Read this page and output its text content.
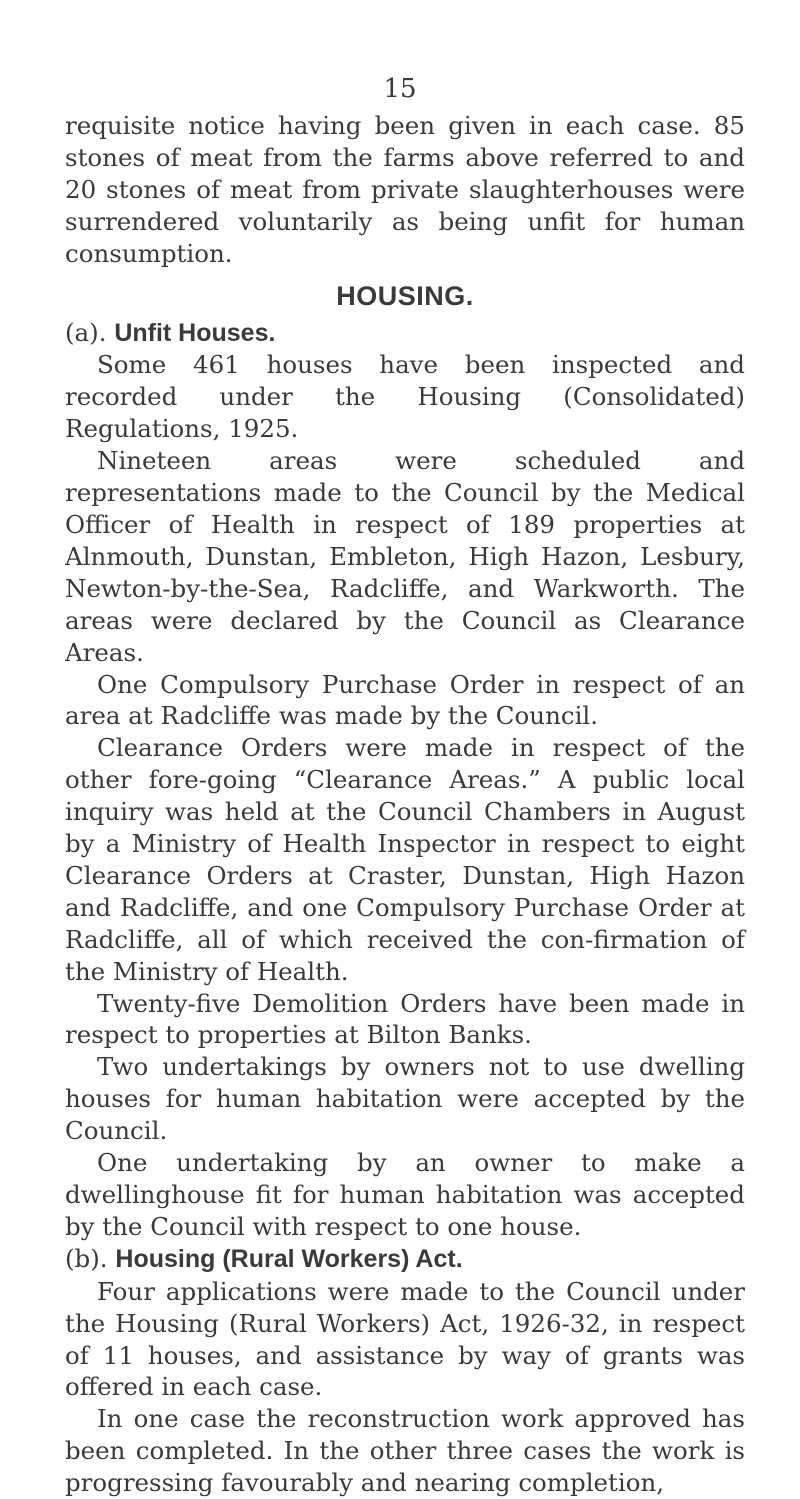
15

requisite notice having been given in each case. 85 stones of meat from the farms above referred to and 20 stones of meat from private slaughterhouses were surrendered voluntarily as being unfit for human consumption.

HOUSING.

(a). Unfit Houses.

Some 461 houses have been inspected and recorded under the Housing (Consolidated) Regulations, 1925.

Nineteen areas were scheduled and representations made to the Council by the Medical Officer of Health in respect of 189 properties at Alnmouth, Dunstan, Embleton, High Hazon, Lesbury, Newton-by-the-Sea, Radcliffe, and Warkworth. The areas were declared by the Council as Clearance Areas.

One Compulsory Purchase Order in respect of an area at Radcliffe was made by the Council.

Clearance Orders were made in respect of the other fore-going “Clearance Areas.” A public local inquiry was held at the Council Chambers in August by a Ministry of Health Inspector in respect to eight Clearance Orders at Craster, Dunstan, High Hazon and Radcliffe, and one Compulsory Purchase Order at Radcliffe, all of which received the con-firmation of the Ministry of Health.

Twenty-five Demolition Orders have been made in respect to properties at Bilton Banks.

Two undertakings by owners not to use dwelling houses for human habitation were accepted by the Council.

One undertaking by an owner to make a dwellinghouse fit for human habitation was accepted by the Council with respect to one house.

(b). Housing (Rural Workers) Act.

Four applications were made to the Council under the Housing (Rural Workers) Act, 1926-32, in respect of 11 houses, and assistance by way of grants was offered in each case.

In one case the reconstruction work approved has been completed. In the other three cases the work is progressing favourably and nearing completion,
